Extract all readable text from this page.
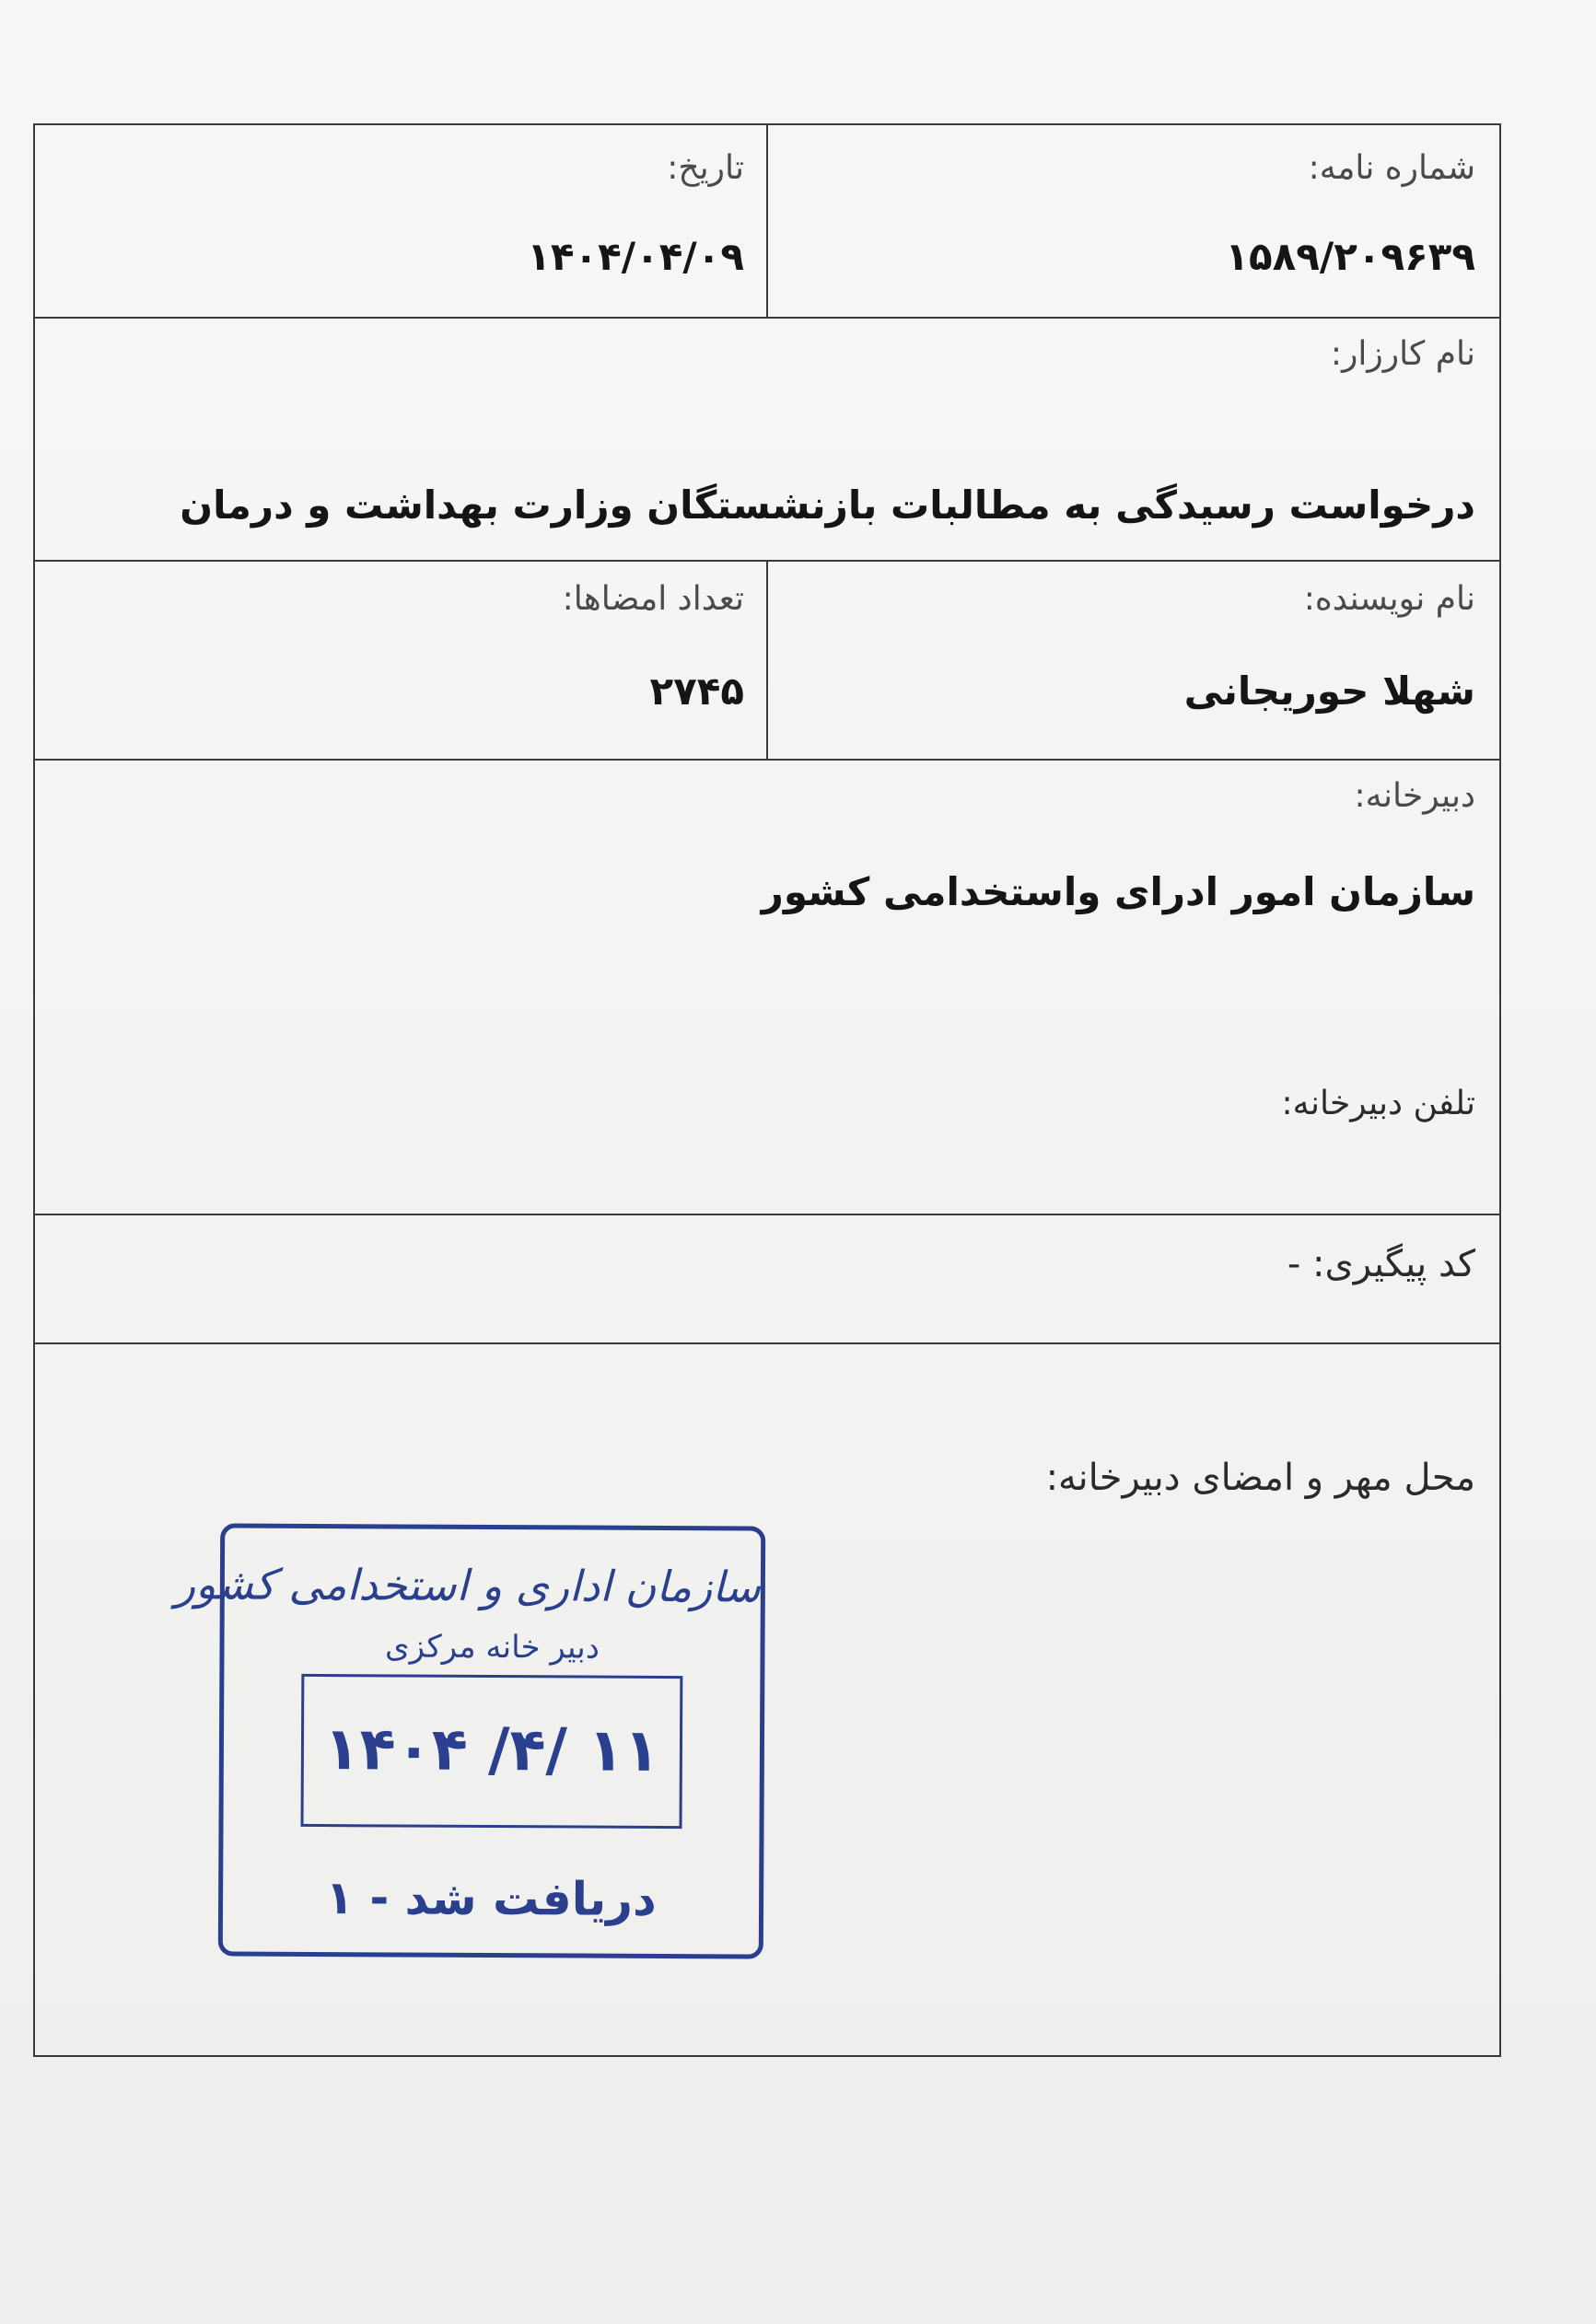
شماره نامه:
۱۵۸۹/۲۰۹۶۳۹
تاریخ:
۱۴۰۴/۰۴/۰۹
نام کارزار:
درخواست رسیدگی به مطالبات بازنشستگان وزارت بهداشت و درمان
نام نویسنده:
شهلا حوریجانی
تعداد امضاها:
۲۷۴۵
دبیرخانه:
سازمان امور ادرای واستخدامی کشور
تلفن دبیرخانه:
کد پیگیری: -
محل مهر و امضای دبیرخانه:
سازمان اداری و استخدامی کشور
دبیر خانه مرکزی
۱۴۰۴ /۴/ ۱۱
دریافت شد - ۱
